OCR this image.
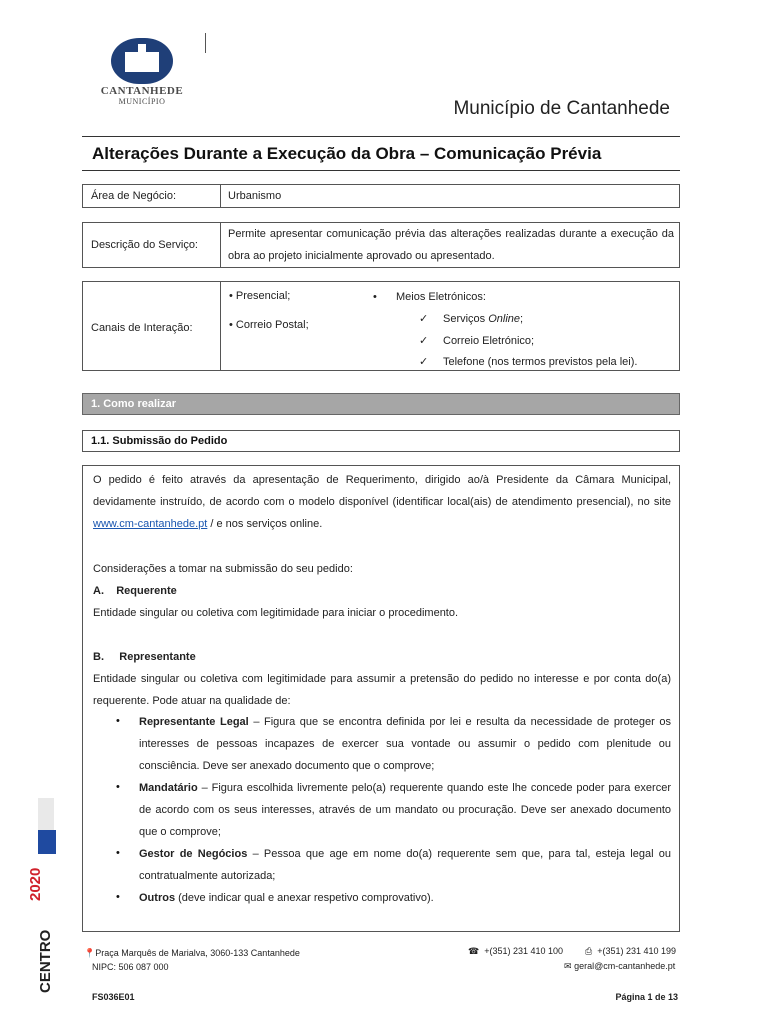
CANTANHEDE
MUNICÍPIO	Município de Cantanhede
Alterações Durante a Execução da Obra – Comunicação Prévia
Área de Negócio:	Urbanismo
Descrição do Serviço:
Permite apresentar comunicação prévia das alterações realizadas durante a execução da obra ao projeto inicialmente aprovado ou apresentado.
Canais de Interação:
• Presencial;
• Correio Postal;
• Meios Eletrónicos:
✓ Serviços Online;
✓ Correio Eletrónico;
✓ Telefone (nos termos previstos pela lei).
1. Como realizar
1.1. Submissão do Pedido
O pedido é feito através da apresentação de Requerimento, dirigido ao/à Presidente da Câmara Municipal, devidamente instruído, de acordo com o modelo disponível (identificar local(ais) de atendimento presencial), no site www.cm-cantanhede.pt / e nos serviços online.
Considerações a tomar na submissão do seu pedido:
A. Requerente
Entidade singular ou coletiva com legitimidade para iniciar o procedimento.
B. Representante
Entidade singular ou coletiva com legitimidade para assumir a pretensão do pedido no interesse e por conta do(a) requerente. Pode atuar na qualidade de:
• Representante Legal – Figura que se encontra definida por lei e resulta da necessidade de proteger os interesses de pessoas incapazes de exercer sua vontade ou assumir o pedido com plenitude ou consciência. Deve ser anexado documento que o comprove;
• Mandatário – Figura escolhida livremente pelo(a) requerente quando este lhe concede poder para exercer de acordo com os seus interesses, através de um mandato ou procuração. Deve ser anexado documento que o comprove;
• Gestor de Negócios – Pessoa que age em nome do(a) requerente sem que, para tal, esteja legal ou contratualmente autorizada;
• Outros (deve indicar qual e anexar respetivo comprovativo).
2020
CENTRO	📍Praça Marquês de Marialva, 3060-133 Cantanhede
NIPC: 506 087 000
☎ +(351) 231 410 100 ⎙ +(351) 231 410 199
✉ geral@cm-cantanhede.pt
FS036E01	Página 1 de 13
